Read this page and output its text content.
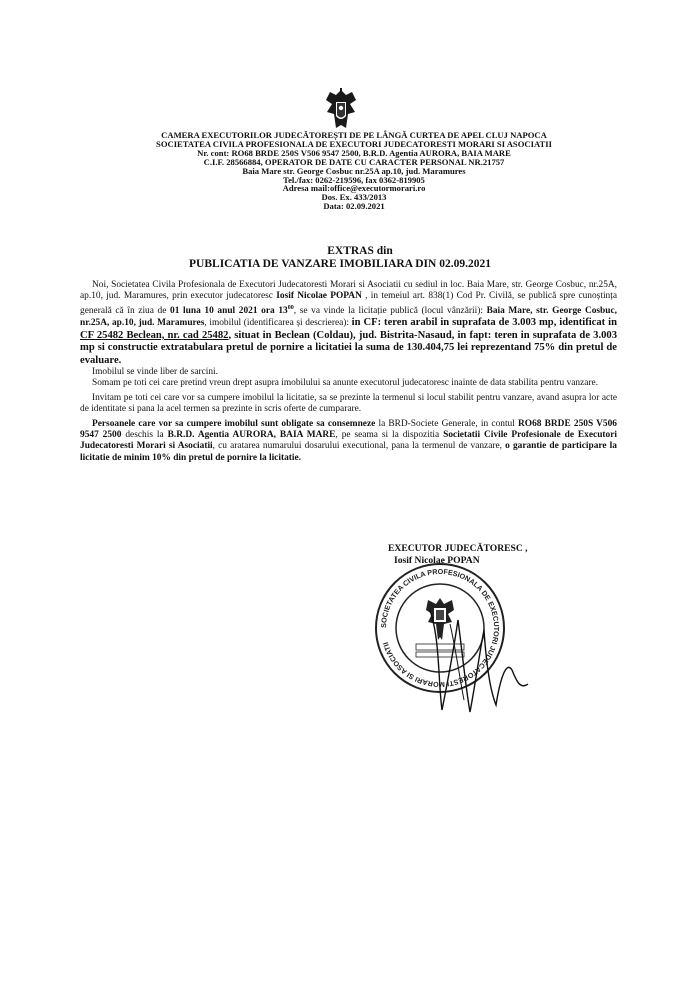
CAMERA EXECUTORILOR JUDECĂTOREȘTI DE PE LÂNGĂ CURTEA DE APEL CLUJ NAPOCA
SOCIETATEA CIVILA PROFESIONALA DE EXECUTORI JUDECATORESTI MORARI SI ASOCIATII
Nr. cont: RO68 BRDE 250S V506 9547 2500, B.R.D. Agentia AURORA, BAIA MARE
C.I.F. 28566884, OPERATOR DE DATE CU CARACTER PERSONAL NR.21757
Baia Mare str. George Cosbuc nr.25A ap.10, jud. Maramures
Tel./fax: 0262-219596, fax 0362-819905
Adresa mail:office@executormorari.ro
Dos. Ex. 433/2013
Data: 02.09.2021
EXTRAS din
PUBLICATIA DE VANZARE IMOBILIARA DIN 02.09.2021

Noi, Societatea Civila Profesionala de Executori Judecatoresti Morari si Asociatii cu sediul in loc. Baia Mare, str. George Cosbuc, nr.25A, ap.10, jud. Maramures, prin executor judecatoresc Iosif Nicolae POPAN , in temeiul art. 838(1) Cod Pr. Civilă, se publică spre cunoștința generală că în ziua de 01 luna 10 anul 2021 ora $13^{00}$, se va vinde la licitație publică (locul vânzării): Baia Mare, str. George Cosbuc, nr.25A, ap.10, jud. Maramures, imobilul (identificarea și descrierea): in CF: teren arabil in suprafata de 3.003 mp, identificat in CF 25482 Beclean, nr. cad 25482, situat in Beclean (Coldau), jud. Bistrita-Nasaud, in fapt: teren in suprafata de 3.003 mp si constructie extratabulara pretul de pornire a licitatiei la suma de 130.404,75 lei reprezentand 75% din pretul de evaluare.

Imobilul se vinde liber de sarcini.

Somam pe toti cei care pretind vreun drept asupra imobilului sa anunte executorul judecatoresc inainte de data stabilita pentru vanzare.

Invitam pe toti cei care vor sa cumpere imobilul la licitatie, sa se prezinte la termenul si locul stabilit pentru vanzare, avand asupra lor acte de identitate si pana la acel termen sa prezinte in scris oferte de cumparare.

Persoanele care vor sa cumpere imobilul sunt obligate sa consemneze la BRD-Societe Generale, in contul RO68 BRDE 250S V506 9547 2500 deschis la B.R.D. Agentia AURORA, BAIA MARE, pe seama si la dispozitia Societatii Civile Profesionale de Executori Judecatoresti Morari si Asociatii, cu aratarea numarului dosarului executional, pana la termenul de vanzare, o garantie de participare la licitatie de minim 10% din pretul de pornire la licitatie.

EXECUTOR JUDECĂTORESC ,
Iosif Nicolae POPAN
SOCIETATEA CIVILA PROFESIONALA DE EXECUTORI JUDECATORESTI MORARI SI ASOCIATII
